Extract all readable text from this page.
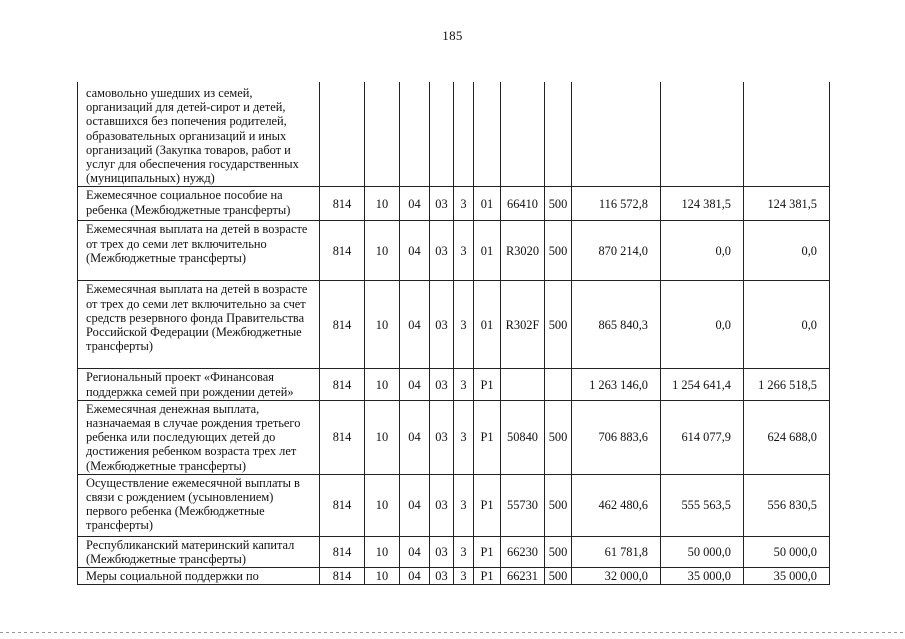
185
самовольно ушедших из семей, организаций для детей-сирот и детей, оставшихся без попечения родителей, образовательных организаций и иных организаций (Закупка товаров, работ и услуг для обеспечения государственных (муниципальных) нужд)											
Ежемесячное социальное пособие на ребенка (Межбюджетные трансферты)	814	10	04	03	3	01	66410	500	116 572,8	124 381,5	124 381,5
Ежемесячная выплата на детей в возрасте от трех до семи лет включительно (Межбюджетные трансферты)	814	10	04	03	3	01	R3020	500	870 214,0	0,0	0,0
Ежемесячная выплата на детей в возрасте от трех до семи лет включительно за счет средств резервного фонда Правительства Российской Федерации (Межбюджетные трансферты)	814	10	04	03	3	01	R302F	500	865 840,3	0,0	0,0
Региональный проект «Финансовая поддержка семей при рождении детей»	814	10	04	03	3	P1			1 263 146,0	1 254 641,4	1 266 518,5
Ежемесячная денежная выплата, назначаемая в случае рождения третьего ребенка или последующих детей до достижения ребенком возраста трех лет (Межбюджетные трансферты)	814	10	04	03	3	P1	50840	500	706 883,6	614 077,9	624 688,0
Осуществление ежемесячной выплаты в связи с рождением (усыновлением) первого ребенка (Межбюджетные трансферты)	814	10	04	03	3	P1	55730	500	462 480,6	555 563,5	556 830,5
Республиканский материнский капитал (Межбюджетные трансферты)	814	10	04	03	3	P1	66230	500	61 781,8	50 000,0	50 000,0
Меры социальной поддержки по	814	10	04	03	3	P1	66231	500	32 000,0	35 000,0	35 000,0
